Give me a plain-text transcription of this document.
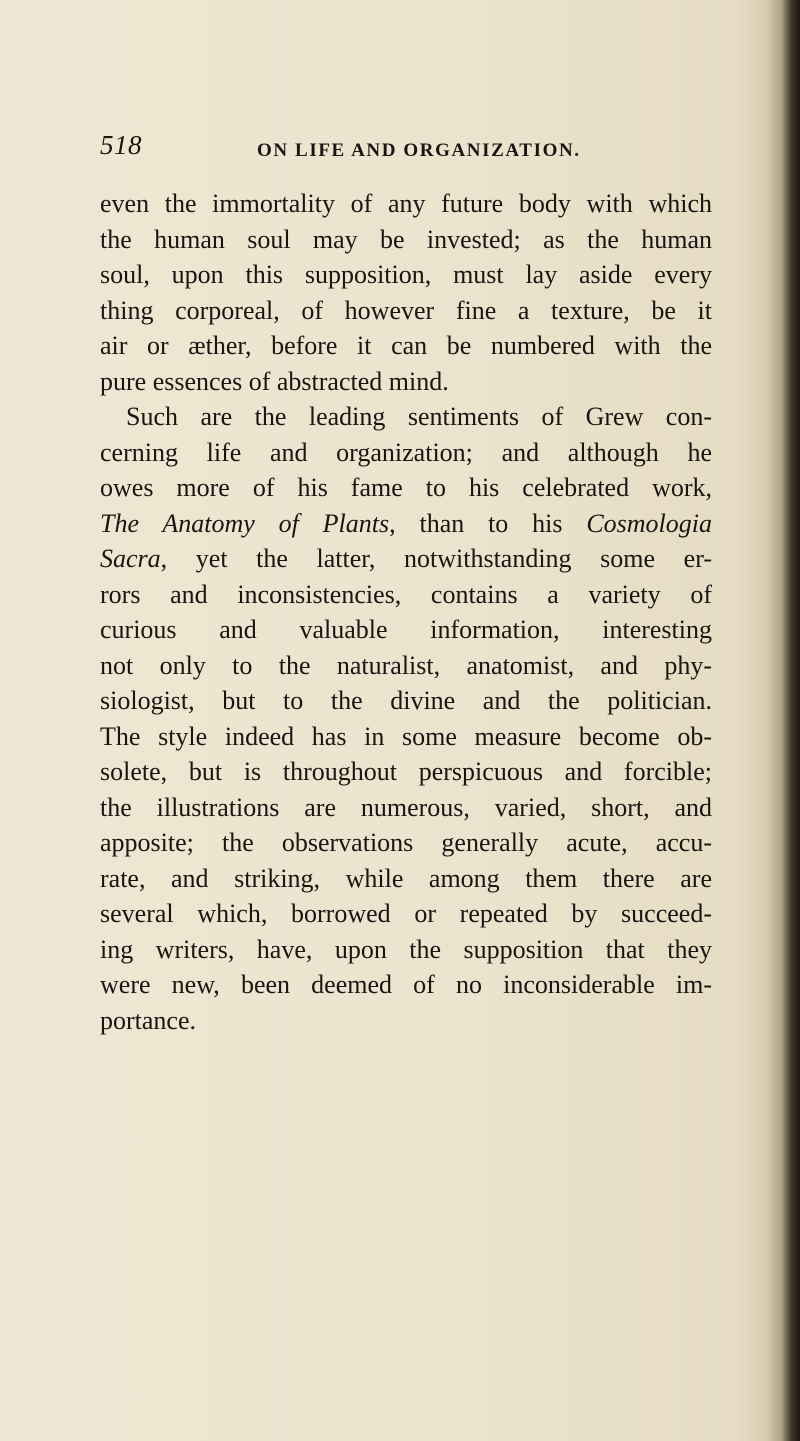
518	ON LIFE AND ORGANIZATION.
even the immortality of any future body with which
the human soul may be invested; as the human
soul, upon this supposition, must lay aside every
thing corporeal, of however fine a texture, be it
air or æther, before it can be numbered with the
pure essences of abstracted mind.
Such are the leading sentiments of Grew con-
cerning life and organization; and although he
owes more of his fame to his celebrated work,
The Anatomy of Plants, than to his Cosmologia
Sacra, yet the latter, notwithstanding some er-
rors and inconsistencies, contains a variety of
curious and valuable information, interesting
not only to the naturalist, anatomist, and phy-
siologist, but to the divine and the politician.
The style indeed has in some measure become ob-
solete, but is throughout perspicuous and forcible;
the illustrations are numerous, varied, short, and
apposite; the observations generally acute, accu-
rate, and striking, while among them there are
several which, borrowed or repeated by succeed-
ing writers, have, upon the supposition that they
were new, been deemed of no inconsiderable im-
portance.
